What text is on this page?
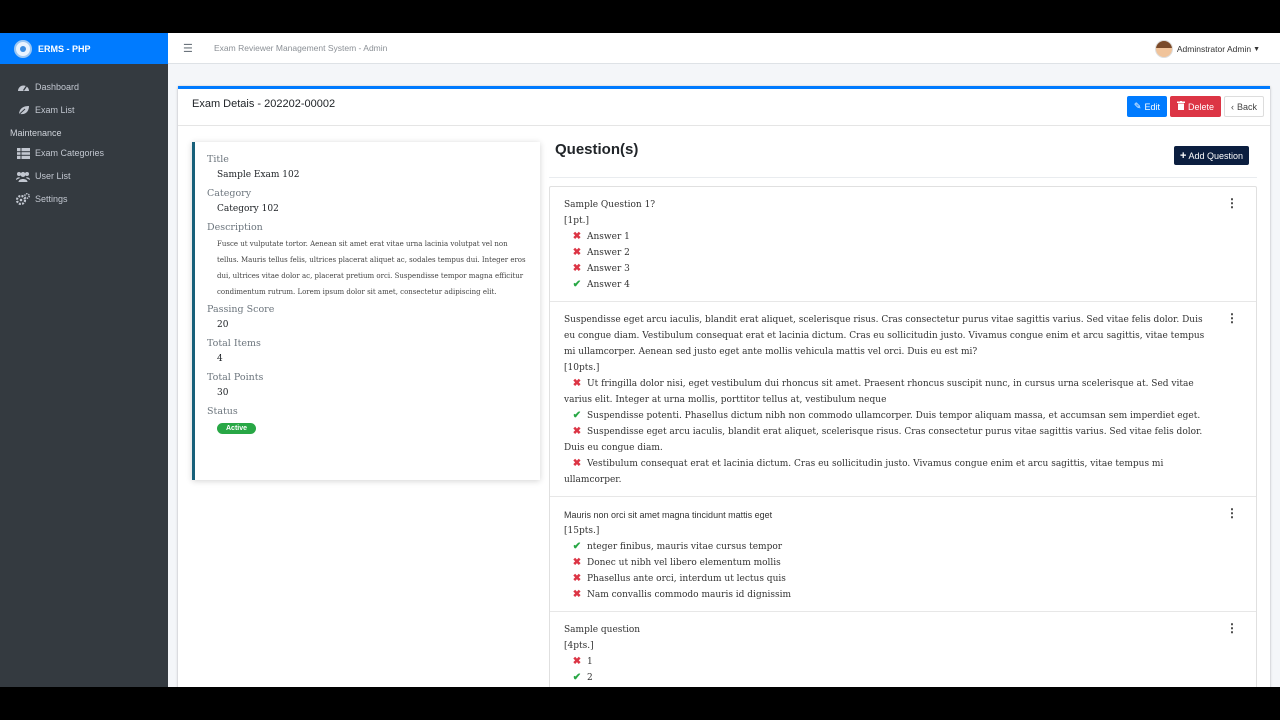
ERMS - PHP
Dashboard
Exam List
Maintenance
Exam Categories
User List
Settings
☰ Exam Reviewer Management System - Admin	Adminstrator Admin ▼
Exam Detais - 202202-00002	✎ Edit	Delete ‹ Back
Title
Sample Exam 102
Category
Category 102
Description
Fusce ut vulputate tortor. Aenean sit amet erat vitae urna lacinia volutpat vel non tellus. Mauris tellus felis, ultrices placerat aliquet ac, sodales tempus dui. Integer eros dui, ultrices vitae dolor ac, placerat pretium orci. Suspendisse tempor magna efficitur condimentum rutrum. Lorem ipsum dolor sit amet, consectetur adipiscing elit.
Passing Score
20
Total Items
4
Total Points
30
Status
Active
Question(s)	+ Add Question
Sample Question 1?
[1pt.]
✖ Answer 1
✖ Answer 2
✖ Answer 3
✔ Answer 4
⋮
Suspendisse eget arcu iaculis, blandit erat aliquet, scelerisque risus. Cras consectetur purus vitae sagittis varius. Sed vitae felis dolor. Duis eu congue diam. Vestibulum consequat erat et lacinia dictum. Cras eu sollicitudin justo. Vivamus congue enim et arcu sagittis, vitae tempus mi ullamcorper. Aenean sed justo eget ante mollis vehicula mattis vel orci. Duis eu est mi?
[10pts.]
✖ Ut fringilla dolor nisi, eget vestibulum dui rhoncus sit amet. Praesent rhoncus suscipit nunc, in cursus urna scelerisque at. Sed vitae varius elit. Integer at urna mollis, porttitor tellus at, vestibulum neque
✔ Suspendisse potenti. Phasellus dictum nibh non commodo ullamcorper. Duis tempor aliquam massa, et accumsan sem imperdiet eget.
✖ Suspendisse eget arcu iaculis, blandit erat aliquet, scelerisque risus. Cras consectetur purus vitae sagittis varius. Sed vitae felis dolor. Duis eu congue diam.
✖ Vestibulum consequat erat et lacinia dictum. Cras eu sollicitudin justo. Vivamus congue enim et arcu sagittis, vitae tempus mi ullamcorper.
⋮
Mauris non orci sit amet magna tincidunt mattis eget
[15pts.]
✔ nteger finibus, mauris vitae cursus tempor
✖ Donec ut nibh vel libero elementum mollis
✖ Phasellus ante orci, interdum ut lectus quis
✖ Nam convallis commodo mauris id dignissim
⋮
Sample question
[4pts.]
✖ 1
✔ 2
⋮
